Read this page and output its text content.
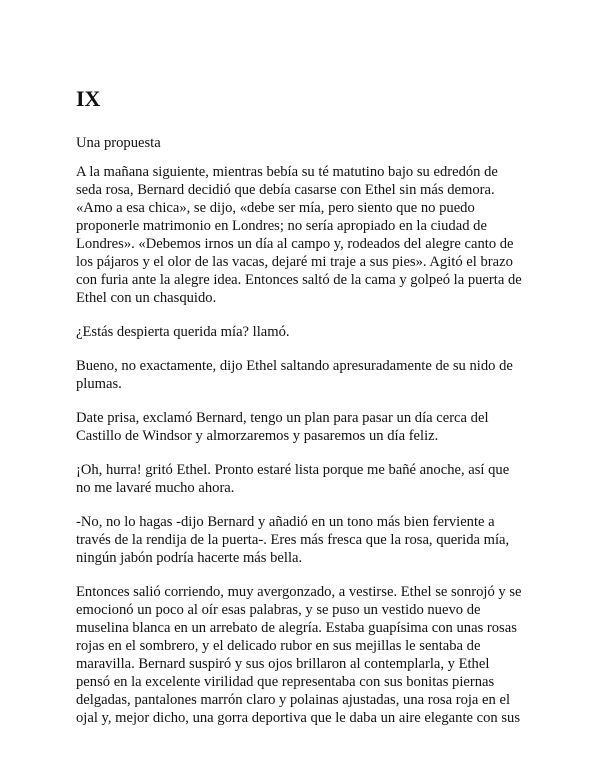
IX
Una propuesta

A la mañana siguiente, mientras bebía su té matutino bajo su edredón de seda rosa, Bernard decidió que debía casarse con Ethel sin más demora. «Amo a esa chica», se dijo, «debe ser mía, pero siento que no puedo proponerle matrimonio en Londres; no sería apropiado en la ciudad de Londres». «Debemos irnos un día al campo y, rodeados del alegre canto de los pájaros y el olor de las vacas, dejaré mi traje a sus pies». Agitó el brazo con furia ante la alegre idea. Entonces saltó de la cama y golpeó la puerta de Ethel con un chasquido.

¿Estás despierta querida mía? llamó.

Bueno, no exactamente, dijo Ethel saltando apresuradamente de su nido de plumas.

Date prisa, exclamó Bernard, tengo un plan para pasar un día cerca del Castillo de Windsor y almorzaremos y pasaremos un día feliz.

¡Oh, hurra! gritó Ethel. Pronto estaré lista porque me bañé anoche, así que no me lavaré mucho ahora.

-No, no lo hagas -dijo Bernard y añadió en un tono más bien ferviente a través de la rendija de la puerta-. Eres más fresca que la rosa, querida mía, ningún jabón podría hacerte más bella.

Entonces salió corriendo, muy avergonzado, a vestirse. Ethel se sonrojó y se emocionó un poco al oír esas palabras, y se puso un vestido nuevo de muselina blanca en un arrebato de alegría. Estaba guapísima con unas rosas rojas en el sombrero, y el delicado rubor en sus mejillas le sentaba de maravilla. Bernard suspiró y sus ojos brillaron al contemplarla, y Ethel pensó en la excelente virilidad que representaba con sus bonitas piernas delgadas, pantalones marrón claro y polainas ajustadas, una rosa roja en el ojal y, mejor dicho, una gorra deportiva que le daba un aire elegante con sus
